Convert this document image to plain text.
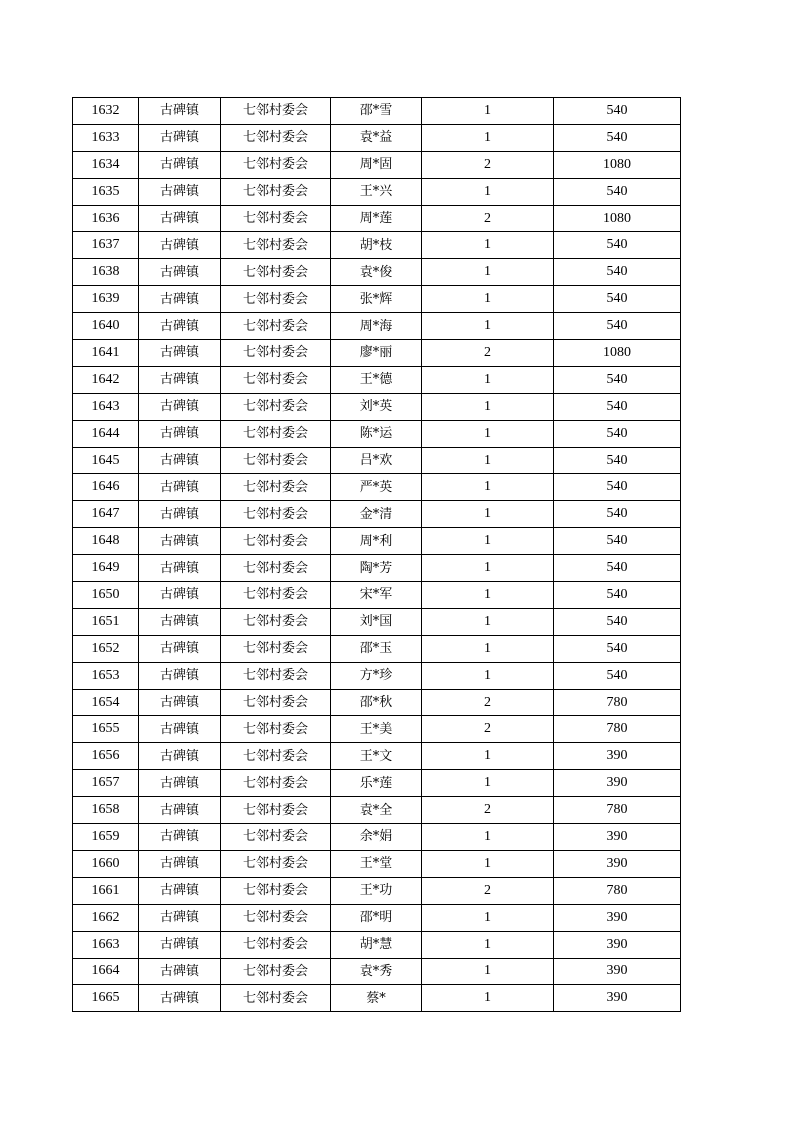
1632	古碑镇	七邻村委会	邵*雪	1	540
1633	古碑镇	七邻村委会	袁*益	1	540
1634	古碑镇	七邻村委会	周*固	2	1080
1635	古碑镇	七邻村委会	王*兴	1	540
1636	古碑镇	七邻村委会	周*莲	2	1080
1637	古碑镇	七邻村委会	胡*枝	1	540
1638	古碑镇	七邻村委会	袁*俊	1	540
1639	古碑镇	七邻村委会	张*辉	1	540
1640	古碑镇	七邻村委会	周*海	1	540
1641	古碑镇	七邻村委会	廖*丽	2	1080
1642	古碑镇	七邻村委会	王*德	1	540
1643	古碑镇	七邻村委会	刘*英	1	540
1644	古碑镇	七邻村委会	陈*运	1	540
1645	古碑镇	七邻村委会	吕*欢	1	540
1646	古碑镇	七邻村委会	严*英	1	540
1647	古碑镇	七邻村委会	金*清	1	540
1648	古碑镇	七邻村委会	周*利	1	540
1649	古碑镇	七邻村委会	陶*芳	1	540
1650	古碑镇	七邻村委会	宋*军	1	540
1651	古碑镇	七邻村委会	刘*国	1	540
1652	古碑镇	七邻村委会	邵*玉	1	540
1653	古碑镇	七邻村委会	方*珍	1	540
1654	古碑镇	七邻村委会	邵*秋	2	780
1655	古碑镇	七邻村委会	王*美	2	780
1656	古碑镇	七邻村委会	王*文	1	390
1657	古碑镇	七邻村委会	乐*莲	1	390
1658	古碑镇	七邻村委会	袁*全	2	780
1659	古碑镇	七邻村委会	余*娟	1	390
1660	古碑镇	七邻村委会	王*堂	1	390
1661	古碑镇	七邻村委会	王*功	2	780
1662	古碑镇	七邻村委会	邵*明	1	390
1663	古碑镇	七邻村委会	胡*慧	1	390
1664	古碑镇	七邻村委会	袁*秀	1	390
1665	古碑镇	七邻村委会	蔡*	1	390
